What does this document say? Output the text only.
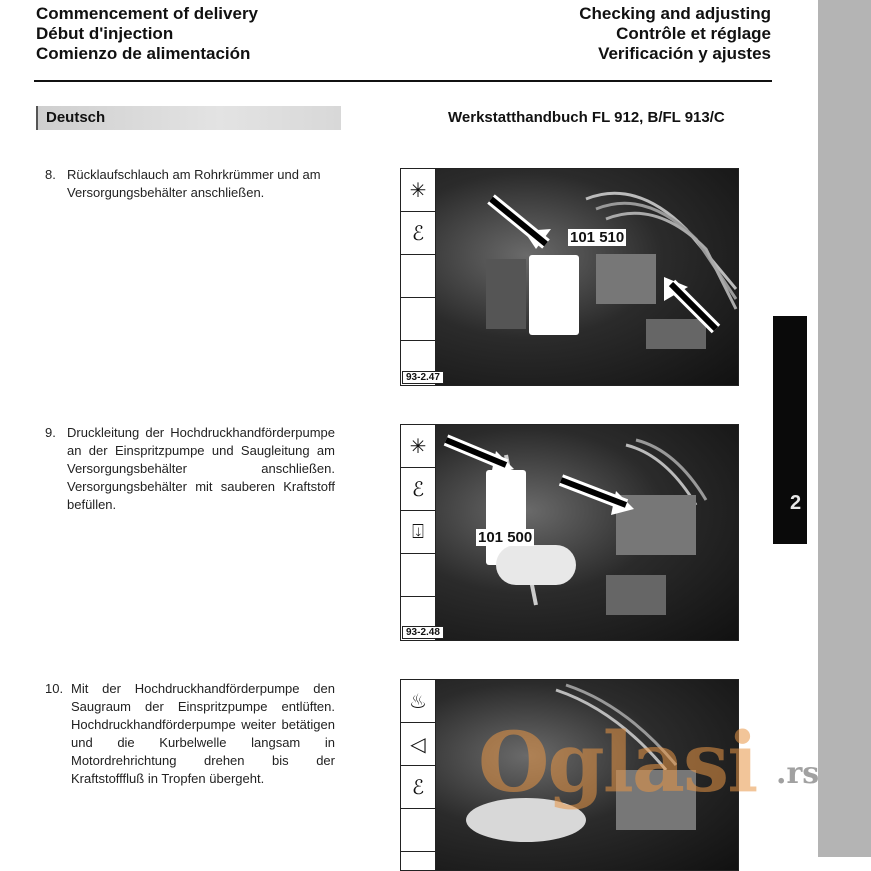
2
Commencement of delivery
Début d'injection
Comienzo de alimentación
Checking and adjusting
Contrôle et réglage
Verificación y ajustes
Deutsch	Werkstatthandbuch FL 912, B/FL 913/C
8. Rücklaufschlauch am Rohrkrümmer und am Versorgungsbehälter anschließen.
9. Druckleitung der Hochdruckhandförderpumpe an der Einspritzpumpe und Saugleitung am Versorgungsbehälter anschließen. Versorgungsbehälter mit sauberen Kraftstoff befüllen.
10. Mit der Hochdruckhandförderpumpe den Saugraum der Einspritzpumpe entlüften. Hochdruckhandförderpumpe weiter betätigen und die Kurbelwelle langsam in Motordrehrichtung drehen bis der Kraftstofffluß in Tropfen übergeht.
✳
ℰ	101 510
93-2.47
✳
ℰ
⍗	101 500
93-2.48
♨
◁
ℰ Oglasi .rs
